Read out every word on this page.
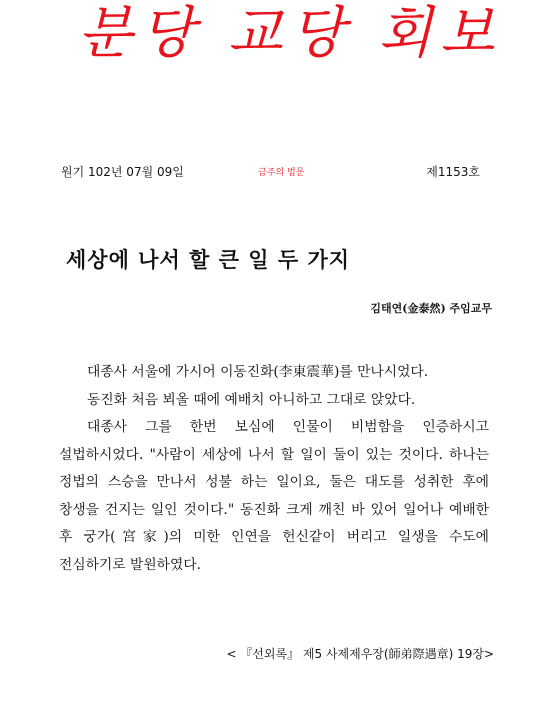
분당 교당 회보
원기 102년 07월 09일	금주의 법문	제1153호
세상에 나서 할 큰 일 두 가지
김태연(金泰然) 주임교무

대종사 서울에 가시어 이동진화(李東震華)를 만나시었다.

동진화 처음 뵈올 때에 예배치 아니하고 그대로 앉았다.

대종사 그를 한번 보심에 인물이 비범함을 인증하시고 설법하시었다. "사람이 세상에 나서 할 일이 둘이 있는 것이다. 하나는 정법의 스승을 만나서 성불 하는 일이요, 둘은 대도를 성취한 후에 창생을 건지는 일인 것이다." 동진화 크게 깨친 바 있어 일어나 예배한 후 궁가(宮家)의 미한 인연을 헌신같이 버리고 일생을 수도에 전심하기로 발원하였다.

< 『선외록』 제5 사제제우장(師弟際遇章) 19장>
